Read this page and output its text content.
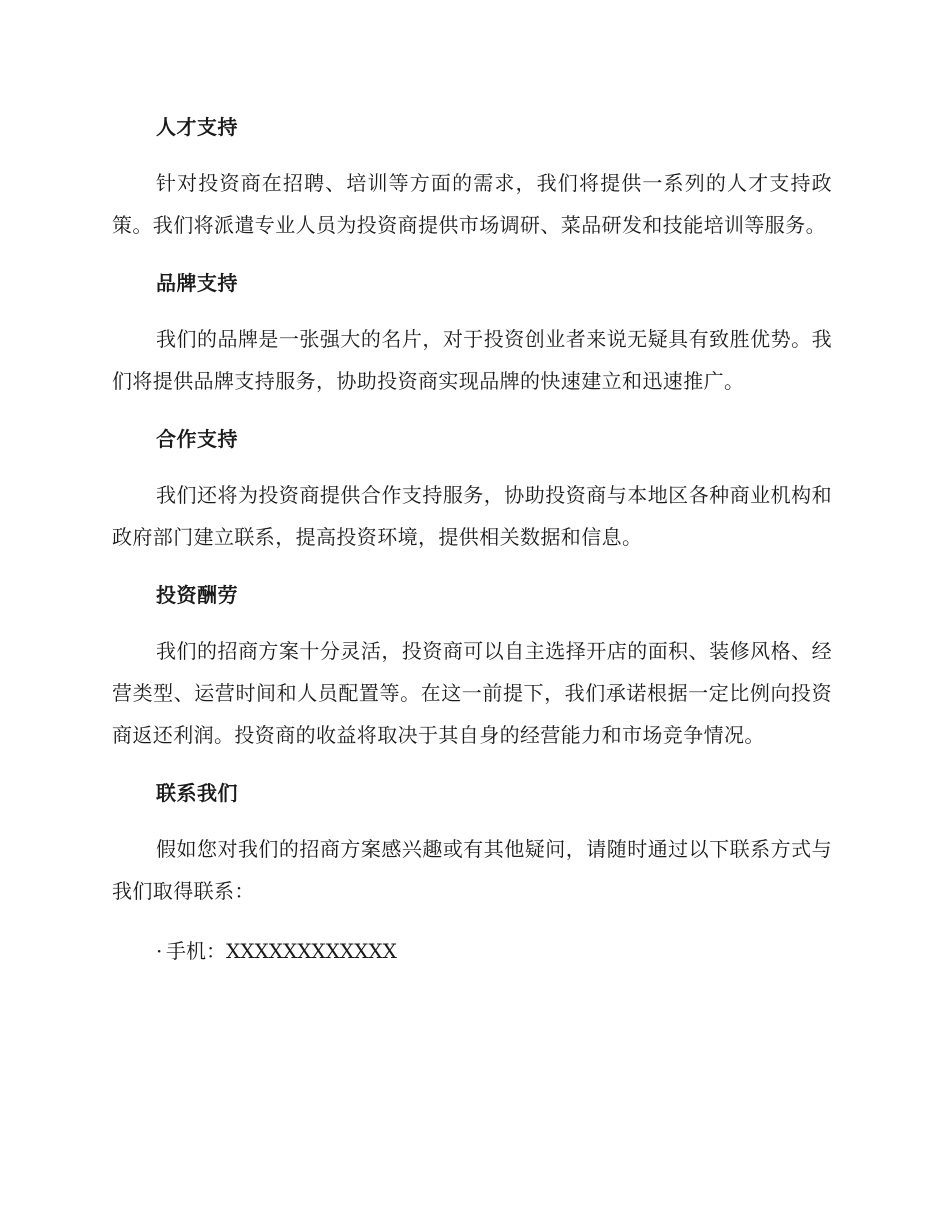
人才支持

针对投资商在招聘、培训等方面的需求，我们将提供一系列的人才支持政策。我们将派遣专业人员为投资商提供市场调研、菜品研发和技能培训等服务。

品牌支持

我们的品牌是一张强大的名片，对于投资创业者来说无疑具有致胜优势。我们将提供品牌支持服务，协助投资商实现品牌的快速建立和迅速推广。

合作支持

我们还将为投资商提供合作支持服务，协助投资商与本地区各种商业机构和政府部门建立联系，提高投资环境，提供相关数据和信息。

投资酬劳

我们的招商方案十分灵活，投资商可以自主选择开店的面积、装修风格、经营类型、运营时间和人员配置等。在这一前提下，我们承诺根据一定比例向投资商返还利润。投资商的收益将取决于其自身的经营能力和市场竞争情况。

联系我们

假如您对我们的招商方案感兴趣或有其他疑问，请随时通过以下联系方式与我们取得联系：

· 手机： XXXXXXXXXXXX
